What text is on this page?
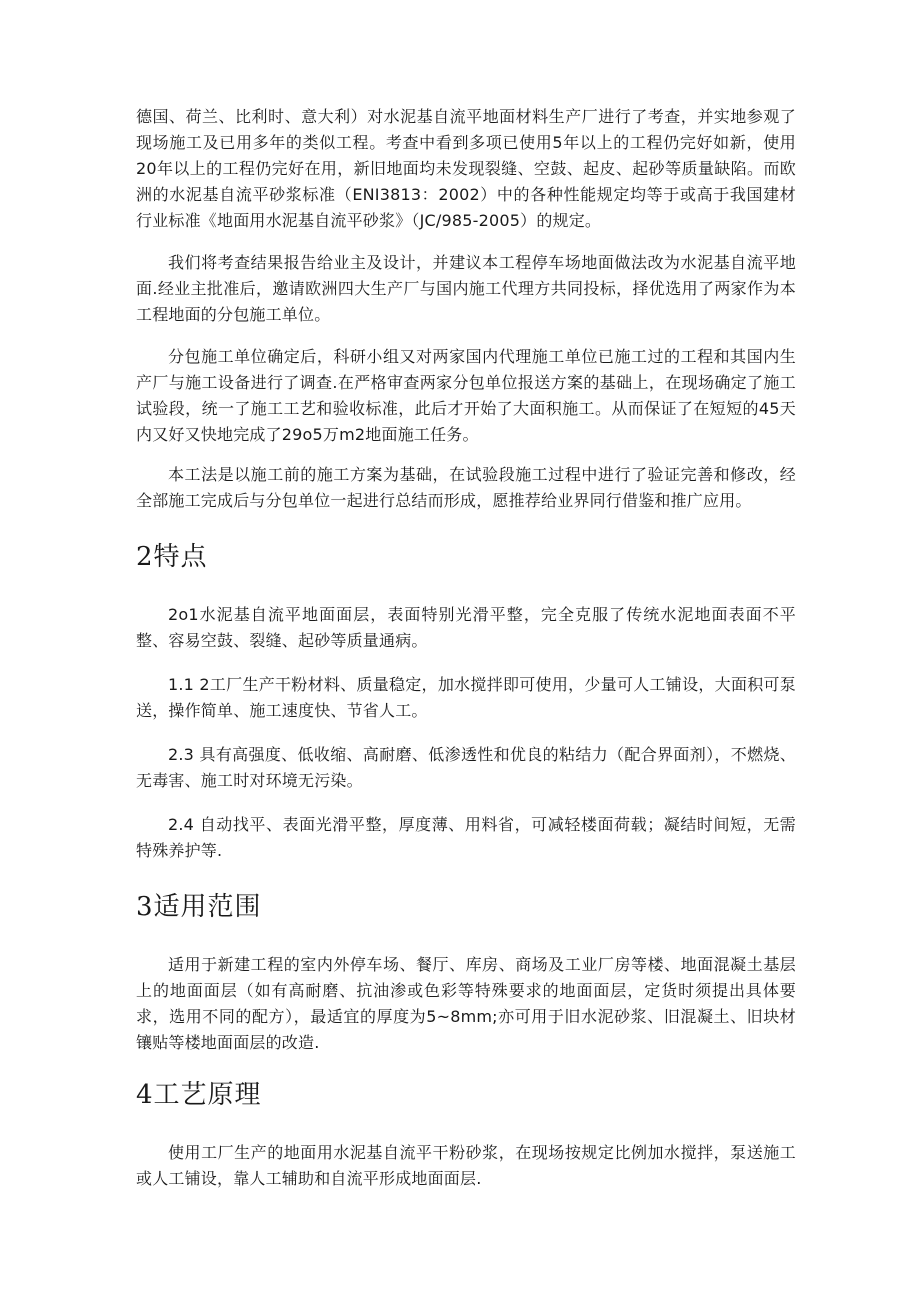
德国、荷兰、比利时、意大利）对水泥基自流平地面材料生产厂进行了考查，并实地参观了现场施工及已用多年的类似工程。考查中看到多项已使用5年以上的工程仍完好如新，使用20年以上的工程仍完好在用，新旧地面均未发现裂缝、空鼓、起皮、起砂等质量缺陷。而欧洲的水泥基自流平砂浆标准（ENI3813：2002）中的各种性能规定均等于或高于我国建材行业标准《地面用水泥基自流平砂浆》（JC/985-2005）的规定。

我们将考查结果报告给业主及设计，并建议本工程停车场地面做法改为水泥基自流平地面.经业主批准后，邀请欧洲四大生产厂与国内施工代理方共同投标，择优选用了两家作为本工程地面的分包施工单位。

分包施工单位确定后，科研小组又对两家国内代理施工单位已施工过的工程和其国内生产厂与施工设备进行了调查.在严格审查两家分包单位报送方案的基础上，在现场确定了施工试验段，统一了施工工艺和验收标准，此后才开始了大面积施工。从而保证了在短短的45天内又好又快地完成了29o5万m2地面施工任务。

本工法是以施工前的施工方案为基础，在试验段施工过程中进行了验证完善和修改，经全部施工完成后与分包单位一起进行总结而形成，愿推荐给业界同行借鉴和推广应用。

2特点

2o1水泥基自流平地面面层，表面特别光滑平整，完全克服了传统水泥地面表面不平整、容易空鼓、裂缝、起砂等质量通病。

1.1 2工厂生产干粉材料、质量稳定，加水搅拌即可使用，少量可人工铺设，大面积可泵送，操作简单、施工速度快、节省人工。

2.3 具有高强度、低收缩、高耐磨、低渗透性和优良的粘结力（配合界面剂），不燃烧、无毒害、施工时对环境无污染。

2.4 自动找平、表面光滑平整，厚度薄、用料省，可减轻楼面荷载；凝结时间短，无需特殊养护等.

3适用范围

适用于新建工程的室内外停车场、餐厅、库房、商场及工业厂房等楼、地面混凝土基层上的地面面层（如有高耐磨、抗油渗或色彩等特殊要求的地面面层，定货时须提出具体要求，选用不同的配方），最适宜的厚度为5~8mm;亦可用于旧水泥砂浆、旧混凝土、旧块材镶贴等楼地面面层的改造.

4工艺原理

使用工厂生产的地面用水泥基自流平干粉砂浆，在现场按规定比例加水搅拌，泵送施工或人工铺设，靠人工辅助和自流平形成地面面层.
